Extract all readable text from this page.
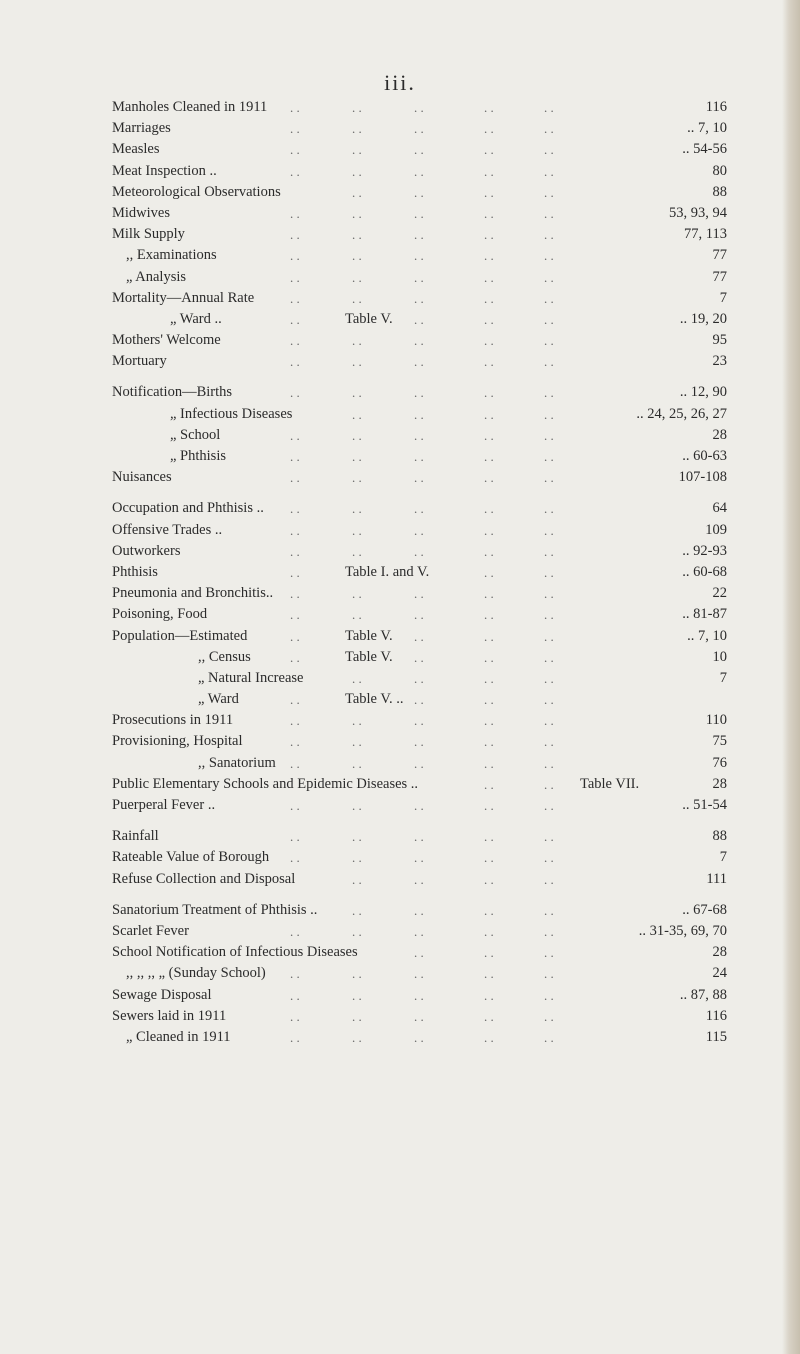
iii.
. .	. .	. .	. .	. .
Manholes Cleaned in 1911	116
. .	. .	. .	. .	. .
Marriages	.. 7, 10
. .	. .	. .	. .	. .
Measles	.. 54-56
. .	. .	. .	. .	. .
Meat Inspection ..	80
. .	. .	. .	. .
Meteorological Observations	88
. .	. .	. .	. .	. .
Midwives	53, 93, 94
. .	. .	. .	. .	. .
Milk Supply	77, 113
. .	. .	. .	. .	. .
,, Examinations	77
. .	. .	. .	. .	. .
„ Analysis	77
. .	. .	. .	. .	. .
Mortality—Annual Rate	7
. .	. .	. .	. .
„ Ward ..	Table V.	.. 19, 20
. .	. .	. .	. .	. .
Mothers' Welcome	95
. .	. .	. .	. .	. .
Mortuary	23
. .	. .	. .	. .	. .
Notification—Births	.. 12, 90
. .	. .	. .	. .
„ Infectious Diseases	.. 24, 25, 26, 27
. .	. .	. .	. .	. .
„ School	28
. .	. .	. .	. .	. .
„ Phthisis	.. 60-63
. .	. .	. .	. .	. .
Nuisances	107-108
. .	. .	. .	. .	. .
Occupation and Phthisis ..	64
. .	. .	. .	. .	. .
Offensive Trades ..	109
. .	. .	. .	. .	. .
Outworkers	.. 92-93
. .	. .	. .
Phthisis	Table I. and V.	.. 60-68
. .	. .	. .	. .	. .
Pneumonia and Bronchitis..	22
. .	. .	. .	. .	. .
Poisoning, Food	.. 81-87
. .	. .	. .	. .
Population—Estimated	Table V.	.. 7, 10
. .	. .	. .	. .
,, Census	Table V.	10
. .	. .	. .	. .
„ Natural Increase	7
. .	. .	. .	. .
„ Ward	Table V. ..
. .	. .	. .	. .	. .
Prosecutions in 1911	110
. .	. .	. .	. .	. .
Provisioning, Hospital	75
. .	. .	. .	. .	. .
,, Sanatorium	76
. .	. .
Public Elementary Schools and Epidemic Diseases ..	Table VII.	28
. .	. .	. .	. .	. .
Puerperal Fever ..	.. 51-54
. .	. .	. .	. .	. .
Rainfall	88
. .	. .	. .	. .	. .
Rateable Value of Borough	7
. .	. .	. .	. .
Refuse Collection and Disposal	111
. .	. .	. .	. .
Sanatorium Treatment of Phthisis ..	.. 67-68
. .	. .	. .	. .	. .
Scarlet Fever	.. 31-35, 69, 70
. .	. .	. .
School Notification of Infectious Diseases	28
. .	. .	. .	. .	. .
,, ,, ,, „ (Sunday School)	24
. .	. .	. .	. .	. .
Sewage Disposal	.. 87, 88
. .	. .	. .	. .	. .
Sewers laid in 1911	116
. .	. .	. .	. .	. .
„ Cleaned in 1911	115
